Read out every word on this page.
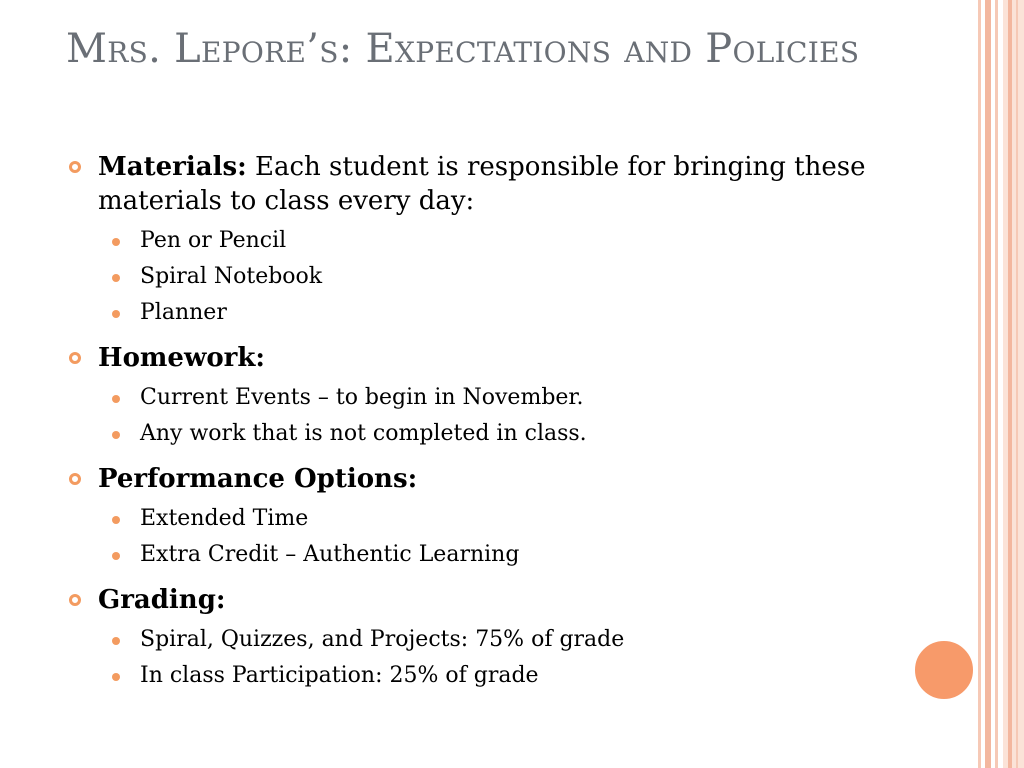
Mrs. Lepore’s: Expectations and Policies
Materials: Each student is responsible for bringing these materials to class every day:
Pen or Pencil
Spiral Notebook
Planner
Homework:
Current Events – to begin in November.
Any work that is not completed in class.
Performance Options:
Extended Time
Extra Credit – Authentic Learning
Grading:
Spiral, Quizzes, and Projects: 75% of grade
In class Participation: 25% of grade
